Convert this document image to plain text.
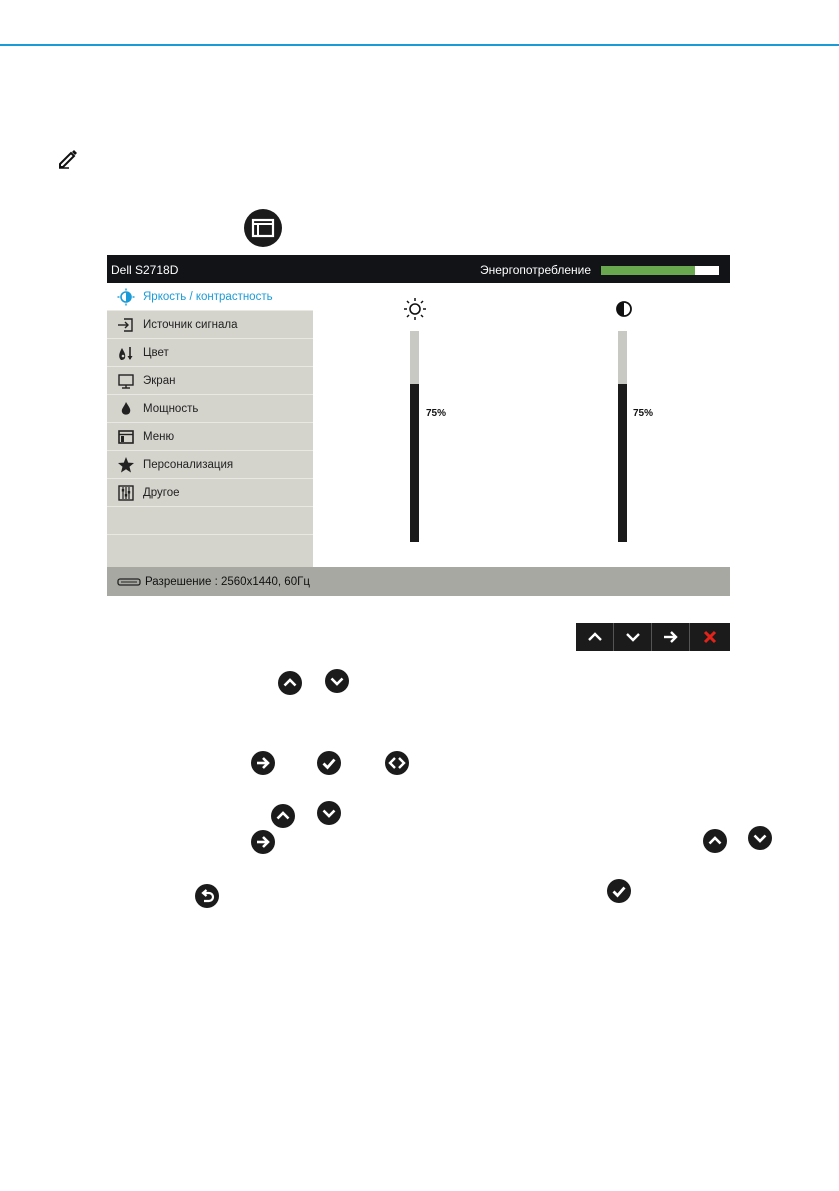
Dell S2718D	Энергопотребление
Яркость / контрастность
Источник сигнала
Цвет
Экран
Мощность
Меню
Персонализация
Другое
75%	75%
Разрешение : 2560x1440, 60Гц
